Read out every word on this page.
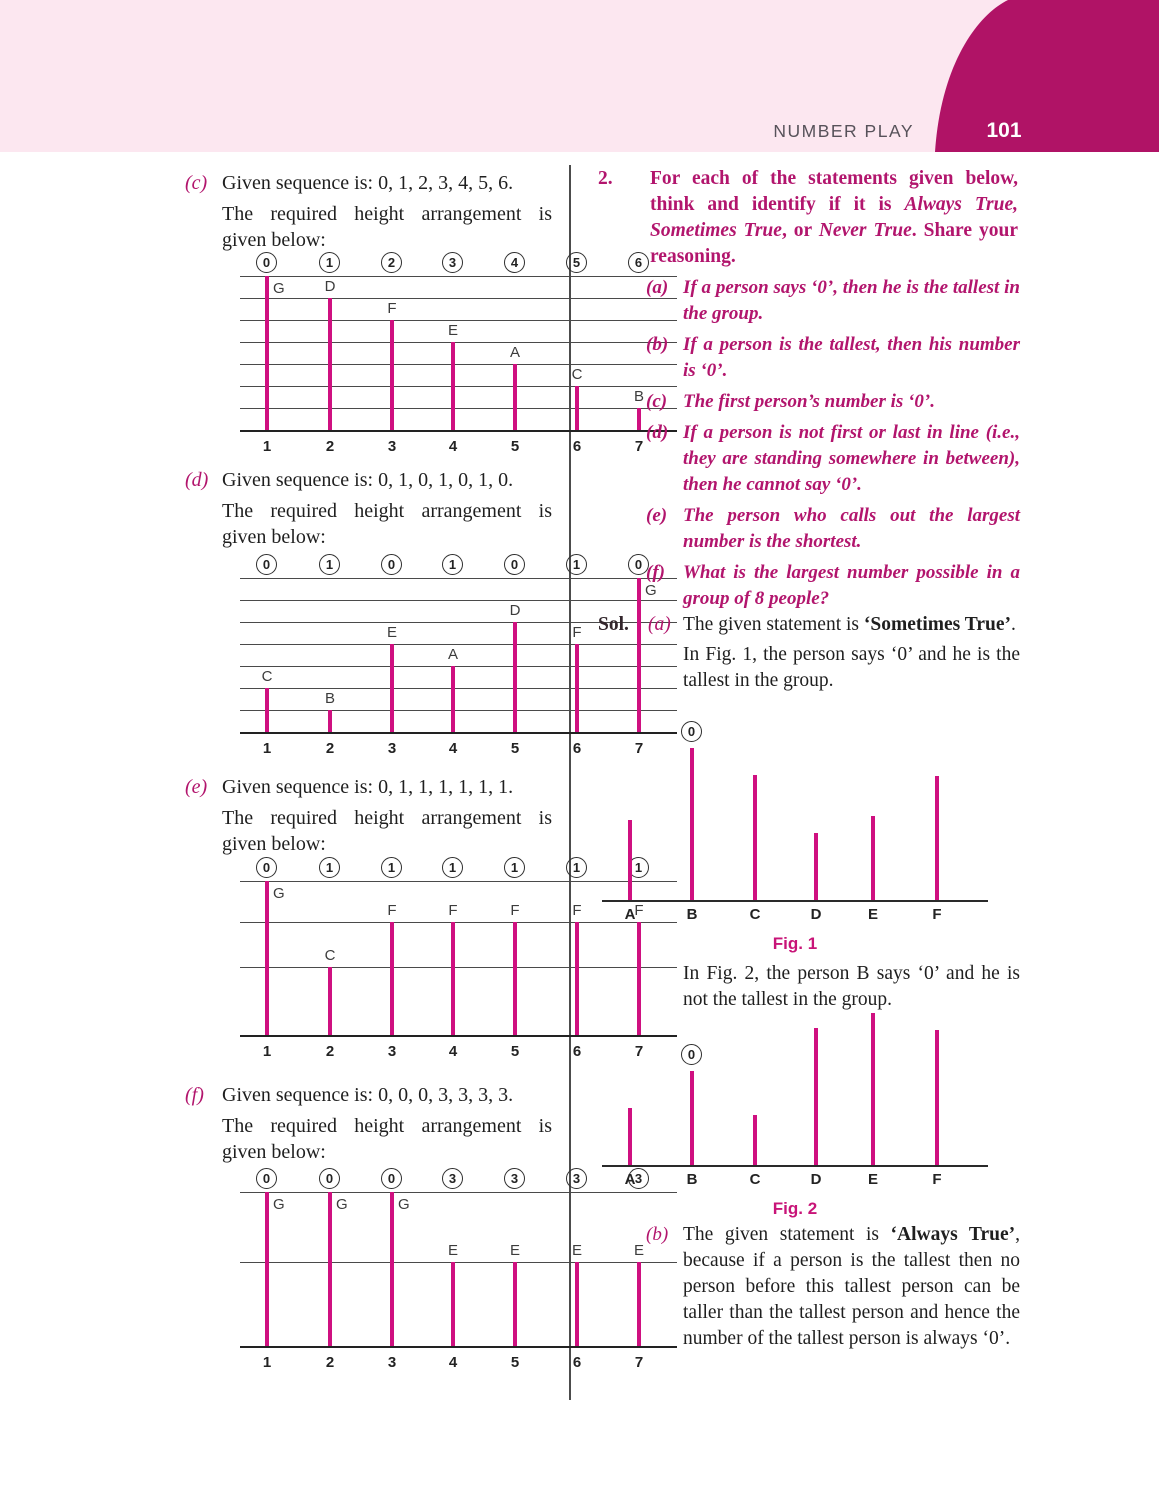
NUMBER PLAY	101
(c) Given sequence is: 0, 1, 2, 3, 4, 5, 6.
The required height arrangement is
given below:
0	1	2	3	4	5	6
G	D
F
E
A
C
B
1	2	3	4	5	6	7
(d) Given sequence is: 0, 1, 0, 1, 0, 1, 0.
The required height arrangement is
given below:
0	1	0	1	0	1	0
C
B
E
A
D
F
G
1	2	3	4	5	6	7
(e) Given sequence is: 0, 1, 1, 1, 1, 1, 1.
The required height arrangement is
given below:
0	1	1	1	1	1	1
G
C
F	F	F	F	F
1	2	3	4	5	6	7
(f) Given sequence is: 0, 0, 0, 3, 3, 3, 3.
The required height arrangement is
given below:
0	0	0	3	3	3	3
G	G	G
E	E	E	E
1	2	3	4	5	6	7
2.	For each of the statements given below, think and identify if it is Always True, Sometimes True, or Never True. Share your reasoning.
(a) If a person says ‘0’, then he is the tallest in the group.
(b) If a person is the tallest, then his number is ‘0’.
(c) The first person’s number is ‘0’.
(d) If a person is not first or last in line (i.e., they are standing somewhere in between), then he cannot say ‘0’.
(e) The person who calls out the largest number is the shortest.
(f) What is the largest number possible in a group of 8 people?
Sol. (a) The given statement is ‘Sometimes True’.
In Fig. 1, the person says ‘0’ and he is the tallest in the group.
A	B	C	D	E	F
0
Fig. 1
In Fig. 2, the person B says ‘0’ and he is not the tallest in the group.
A	B	C	D	E	F
0
Fig. 2
(b) The given statement is ‘Always True’, because if a person is the tallest then no person before this tallest person can be taller than the tallest person and hence the number of the tallest person is always ‘0’.
